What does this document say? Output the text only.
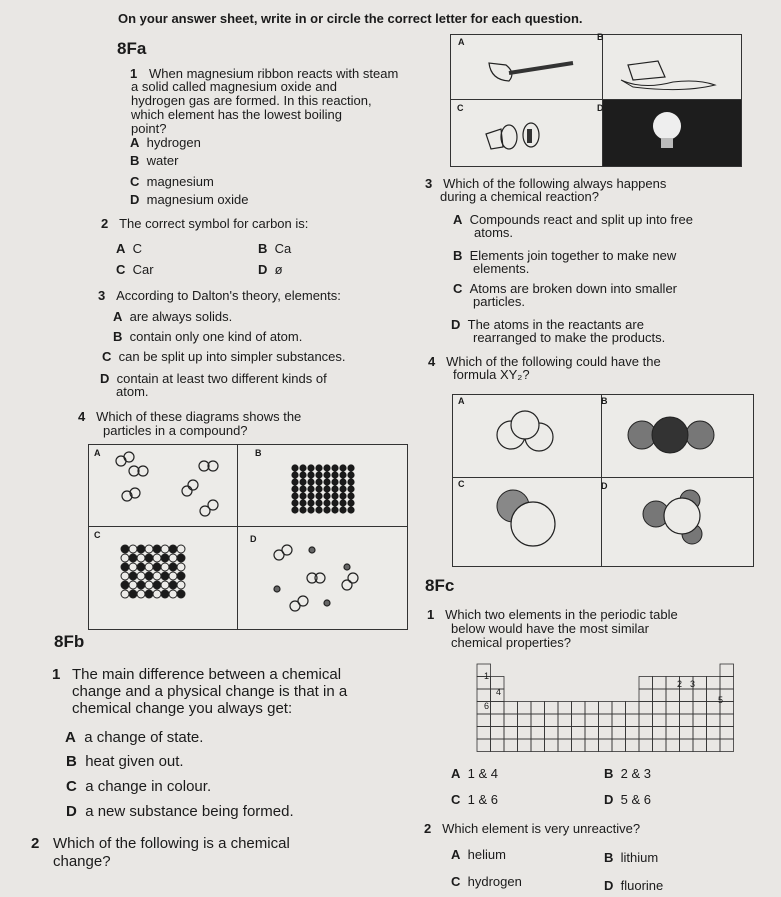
On your answer sheet, write in or circle the correct letter for each question.
8Fa
1 When magnesium ribbon reacts with steam
a solid called magnesium oxide and
hydrogen gas are formed. In this reaction,
which element has the lowest boiling
point?
A hydrogen
B water
C magnesium
D magnesium oxide
2 The correct symbol for carbon is:
A C	B Ca
C Car	D ø
3 According to Dalton's theory, elements:
A are always solids.
B contain only one kind of atom.
C can be split up into simpler substances.
D contain at least two different kinds of
atom.
4 Which of these diagrams shows the
particles in a compound?
A	B
C	D
A	B
C	D
3 Which of the following always happens
during a chemical reaction?
A Compounds react and split up into free
atoms.
B Elements join together to make new
elements.
C Atoms are broken down into smaller
particles.
D The atoms in the reactants are
rearranged to make the products.
4 Which of the following could have the
formula XY₂?
A	B
C	D
8Fc
1 Which two elements in the periodic table
below would have the most similar
chemical properties?
1
2 3
4
5
6
A 1 & 4	B 2 & 3
C 1 & 6	D 5 & 6
2 Which element is very unreactive?
A helium	B lithium
C hydrogen	D fluorine
8Fb
1 The main difference between a chemical
change and a physical change is that in a
chemical change you always get:
A a change of state.
B heat given out.
C a change in colour.
D a new substance being formed.
2 Which of the following is a chemical
change?
